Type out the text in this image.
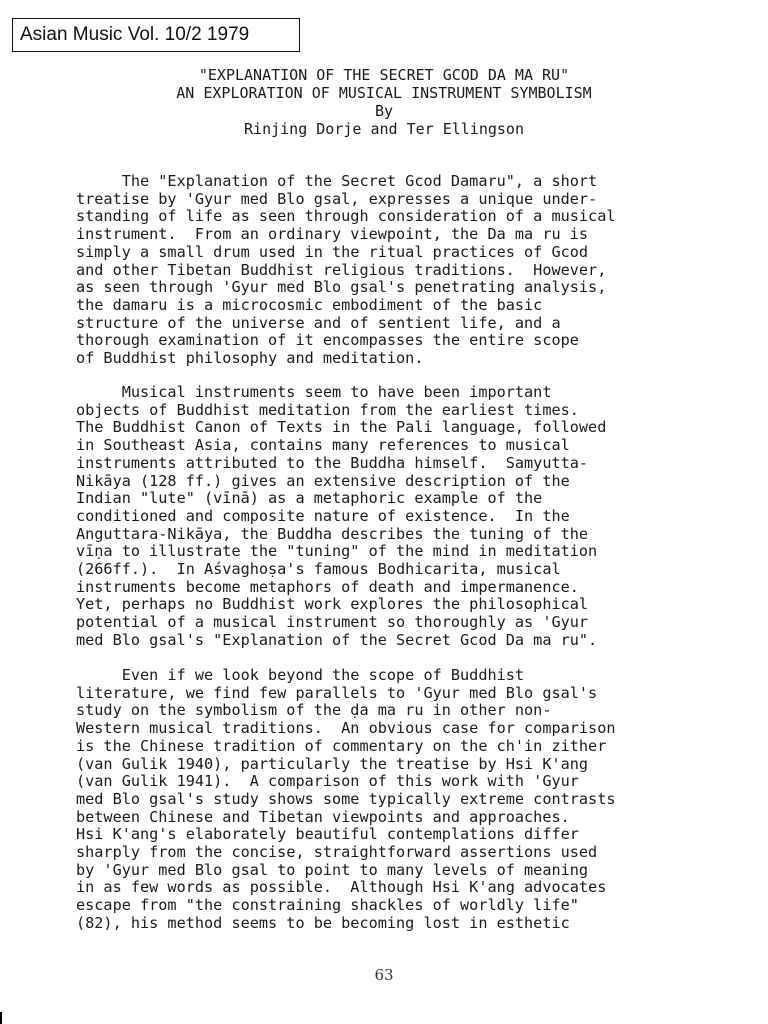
Asian Music Vol. 10/2 1979
"EXPLANATION OF THE SECRET GCOD DA MA RU"
AN EXPLORATION OF MUSICAL INSTRUMENT SYMBOLISM
By
Rinjing Dorje and Ter Ellingson
The "Explanation of the Secret Gcod Damaru", a short
treatise by 'Gyur med Blo gsal, expresses a unique under-
standing of life as seen through consideration of a musical
instrument.  From an ordinary viewpoint, the Da ma ru is
simply a small drum used in the ritual practices of Gcod
and other Tibetan Buddhist religious traditions.  However,
as seen through 'Gyur med Blo gsal's penetrating analysis,
the damaru is a microcosmic embodiment of the basic
structure of the universe and of sentient life, and a
thorough examination of it encompasses the entire scope
of Buddhist philosophy and meditation.
Musical instruments seem to have been important
objects of Buddhist meditation from the earliest times.
The Buddhist Canon of Texts in the Pali language, followed
in Southeast Asia, contains many references to musical
instruments attributed to the Buddha himself.  Samyutta-
Nikāya (128 ff.) gives an extensive description of the
Indian "lute" (vīnā) as a metaphoric example of the
conditioned and composite nature of existence.  In the
Anguttara-Nikāya, the Buddha describes the tuning of the
vīṇa to illustrate the "tuning" of the mind in meditation
(266ff.).  In Aśvaghoṣa's famous Bodhicarita, musical
instruments become metaphors of death and impermanence.
Yet, perhaps no Buddhist work explores the philosophical
potential of a musical instrument so thoroughly as 'Gyur
med Blo gsal's "Explanation of the Secret Gcod Da ma ru".
Even if we look beyond the scope of Buddhist
literature, we find few parallels to 'Gyur med Blo gsal's
study on the symbolism of the ḍa ma ru in other non-
Western musical traditions.  An obvious case for comparison
is the Chinese tradition of commentary on the ch'in zither
(van Gulik 1940), particularly the treatise by Hsi K'ang
(van Gulik 1941).  A comparison of this work with 'Gyur
med Blo gsal's study shows some typically extreme contrasts
between Chinese and Tibetan viewpoints and approaches.
Hsi K'ang's elaborately beautiful contemplations differ
sharply from the concise, straightforward assertions used
by 'Gyur med Blo gsal to point to many levels of meaning
in as few words as possible.  Although Hsi K'ang advocates
escape from "the constraining shackles of worldly life"
(82), his method seems to be becoming lost in esthetic
63
